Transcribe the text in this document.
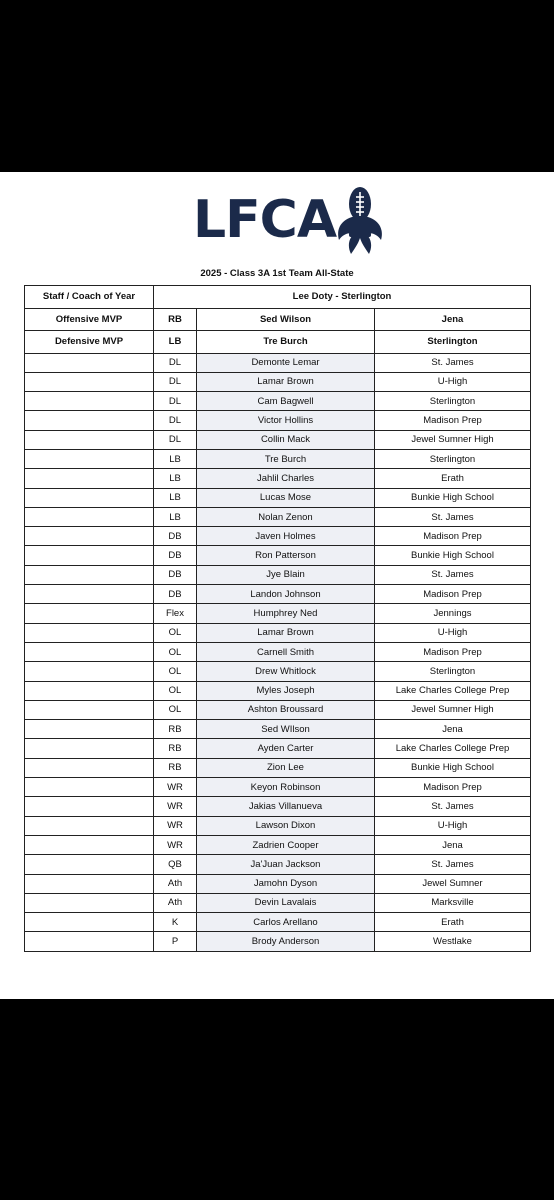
LFCA
2025 - Class 3A 1st Team All-State
Staff / Coach of Year	Lee Doty - Sterlington		
Offensive MVP	RB	Sed Wilson	Jena
Defensive MVP	LB	Tre Burch	Sterlington
	DL	Demonte Lemar	St. James
	DL	Lamar Brown	U-High
	DL	Cam Bagwell	Sterlington
	DL	Victor Hollins	Madison Prep
	DL	Collin Mack	Jewel Sumner High
	LB	Tre Burch	Sterlington
	LB	Jahlil Charles	Erath
	LB	Lucas Mose	Bunkie High School
	LB	Nolan Zenon	St. James
	DB	Javen Holmes	Madison Prep
	DB	Ron Patterson	Bunkie High School
	DB	Jye Blain	St. James
	DB	Landon Johnson	Madison Prep
	Flex	Humphrey Ned	Jennings
	OL	Lamar Brown	U-High
	OL	Carnell Smith	Madison Prep
	OL	Drew Whitlock	Sterlington
	OL	Myles Joseph	Lake Charles College Prep
	OL	Ashton Broussard	Jewel Sumner High
	RB	Sed WIlson	Jena
	RB	Ayden Carter	Lake Charles College Prep
	RB	Zion Lee	Bunkie High School
	WR	Keyon Robinson	Madison Prep
	WR	Jakias Villanueva	St. James
	WR	Lawson Dixon	U-High
	WR	Zadrien Cooper	Jena
	QB	Ja'Juan Jackson	St. James
	Ath	Jamohn Dyson	Jewel Sumner
	Ath	Devin Lavalais	Marksville
	K	Carlos Arellano	Erath
	P	Brody Anderson	Westlake
